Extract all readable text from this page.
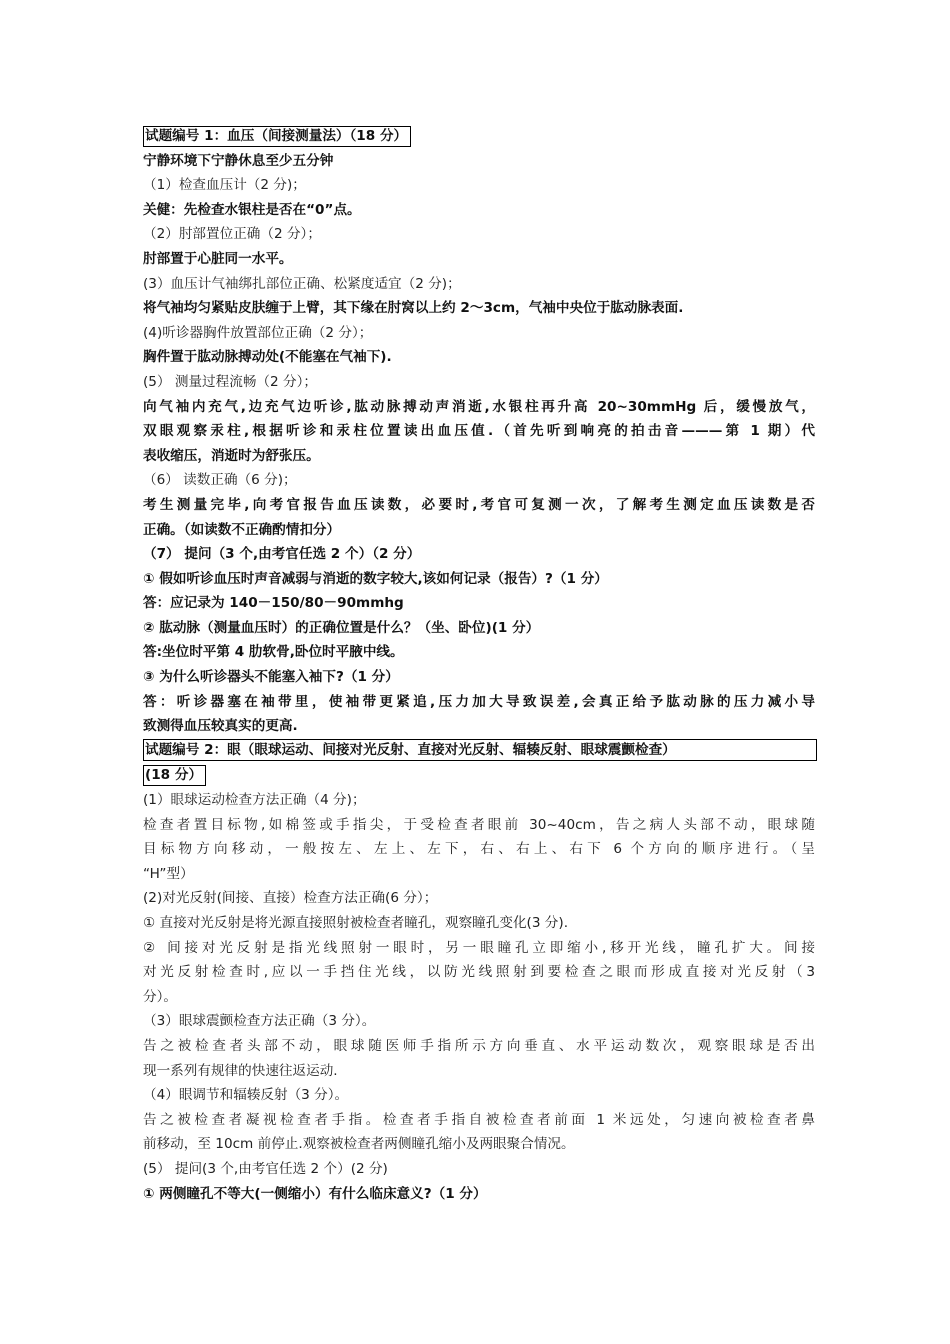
试题编号 1：血压（间接测量法）（18 分）
宁静环境下宁静休息至少五分钟
（1）检查血压计（2 分)；
关健：先检查水银柱是否在“0”点。
（2）肘部置位正确（2 分）；
肘部置于心脏同一水平。
(3）血压计气袖绑扎部位正确、松紧度适宜（2 分)；
将气袖均匀紧贴皮肤缠于上臂，其下缘在肘窝以上约 2～3cm，气袖中央位于肱动脉表面.
(4)听诊器胸件放置部位正确（2 分）；
胸件置于肱动脉搏动处(不能塞在气袖下).
(5） 测量过程流畅（2 分）；
向气袖内充气,边充气边听诊,肱动脉搏动声消逝,水银柱再升高 20~30mmHg 后，缓慢放气，
双眼观察汞柱,根据听诊和汞柱位置读出血压值.（首先听到响亮的拍击音———第 1 期）代
表收缩压，消逝时为舒张压。
（6） 读数正确（6 分)；
考生测量完毕,向考官报告血压读数，必要时,考官可复测一次，了解考生测定血压读数是否
正确。（如读数不正确酌情扣分）
（7） 提问（3 个,由考官任选 2 个）（2 分）
① 假如听诊血压时声音减弱与消逝的数字较大,该如何记录（报告）?（1 分）
答：应记录为 140－150/80－90mmhg
② 肱动脉（测量血压时）的正确位置是什么？（坐、卧位)(1 分）
答:坐位时平第 4 肋软骨,卧位时平腋中线。
③ 为什么听诊器头不能塞入袖下?（1 分）
答：听诊器塞在袖带里，使袖带更紧追,压力加大导致误差,会真正给予肱动脉的压力减小导
致测得血压较真实的更高.
试题编号 2：眼（眼球运动、间接对光反射、直接对光反射、辐辏反射、眼球震颤检查）
(18 分）
(1）眼球运动检查方法正确（4 分)；
检查者置目标物,如棉签或手指尖，于受检查者眼前 30~40cm，告之病人头部不动，眼球随
目标物方向移动，一般按左、左上、左下，右、右上、右下 6 个方向的顺序进行。（呈
“H”型）
(2)对光反射(间接、直接）检查方法正确(6 分）；
① 直接对光反射是将光源直接照射被检查者瞳孔，观察瞳孔变化(3 分).
② 间接对光反射是指光线照射一眼时，另一眼瞳孔立即缩小,移开光线，瞳孔扩大。间接
对光反射检查时,应以一手挡住光线，以防光线照射到要检查之眼而形成直接对光反射（3
分）。
（3）眼球震颤检查方法正确（3 分）。
告之被检查者头部不动，眼球随医师手指所示方向垂直、水平运动数次，观察眼球是否出
现一系列有规律的快速往返运动.
（4）眼调节和辐辏反射（3 分）。
告之被检查者凝视检查者手指。检查者手指自被检查者前面 1 米远处，匀速向被检查者鼻
前移动，至 10cm 前停止.观察被检查者两侧瞳孔缩小及两眼聚合情况。
(5） 提问(3 个,由考官任选 2 个）(2 分)
① 两侧瞳孔不等大(一侧缩小）有什么临床意义?（1 分）
